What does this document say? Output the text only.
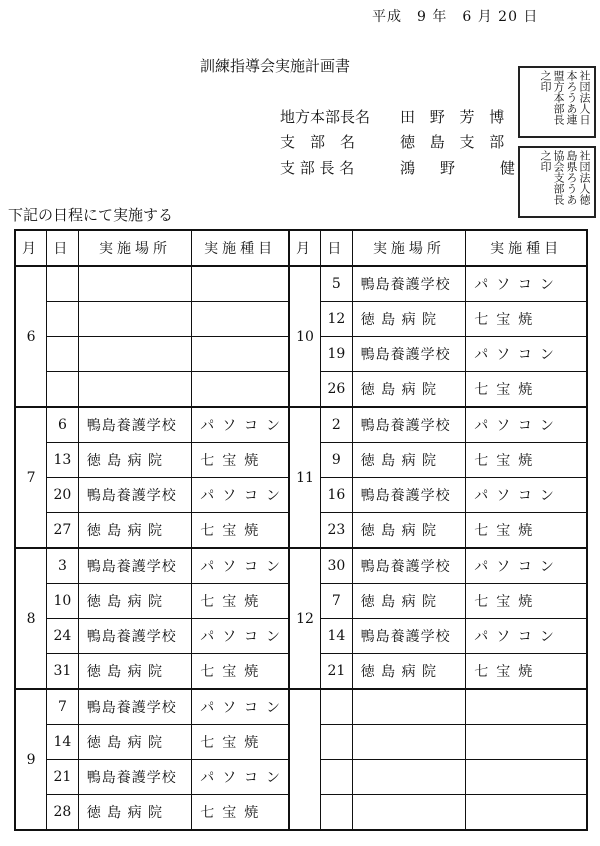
平成　9 年　6 月 20 日
訓練指導会実施計画書
地方本部長名 田 野 芳 博
支　部　名	徳 島 支 部
支 部 長 名	鴻　野　　健
社団法人日本ろうあ連盟方本部長之印
社団法人徳島県ろうあ協会支部長之印
下記の日程にて実施する
月	日	実施場所	実施種目	月	日	実施場所	実施種目
6				10	5	鴨島養護学校	パソコン
					12	徳 島 病 院	七宝焼
					19	鴨島養護学校	パソコン
					26	徳 島 病 院	七宝焼
7	6	鴨島養護学校	パソコン	11	2	鴨島養護学校	パソコン
	13	徳 島 病 院	七宝焼		9	徳 島 病 院	七宝焼
	20	鴨島養護学校	パソコン		16	鴨島養護学校	パソコン
	27	徳 島 病 院	七宝焼		23	徳 島 病 院	七宝焼
8	3	鴨島養護学校	パソコン	12	30	鴨島養護学校	パソコン
	10	徳 島 病 院	七宝焼		7	徳 島 病 院	七宝焼
	24	鴨島養護学校	パソコン		14	鴨島養護学校	パソコン
	31	徳 島 病 院	七宝焼		21	徳 島 病 院	七宝焼
9	7	鴨島養護学校	パソコン				
	14	徳 島 病 院	七宝焼				
	21	鴨島養護学校	パソコン				
	28	徳 島 病 院	七宝焼				
